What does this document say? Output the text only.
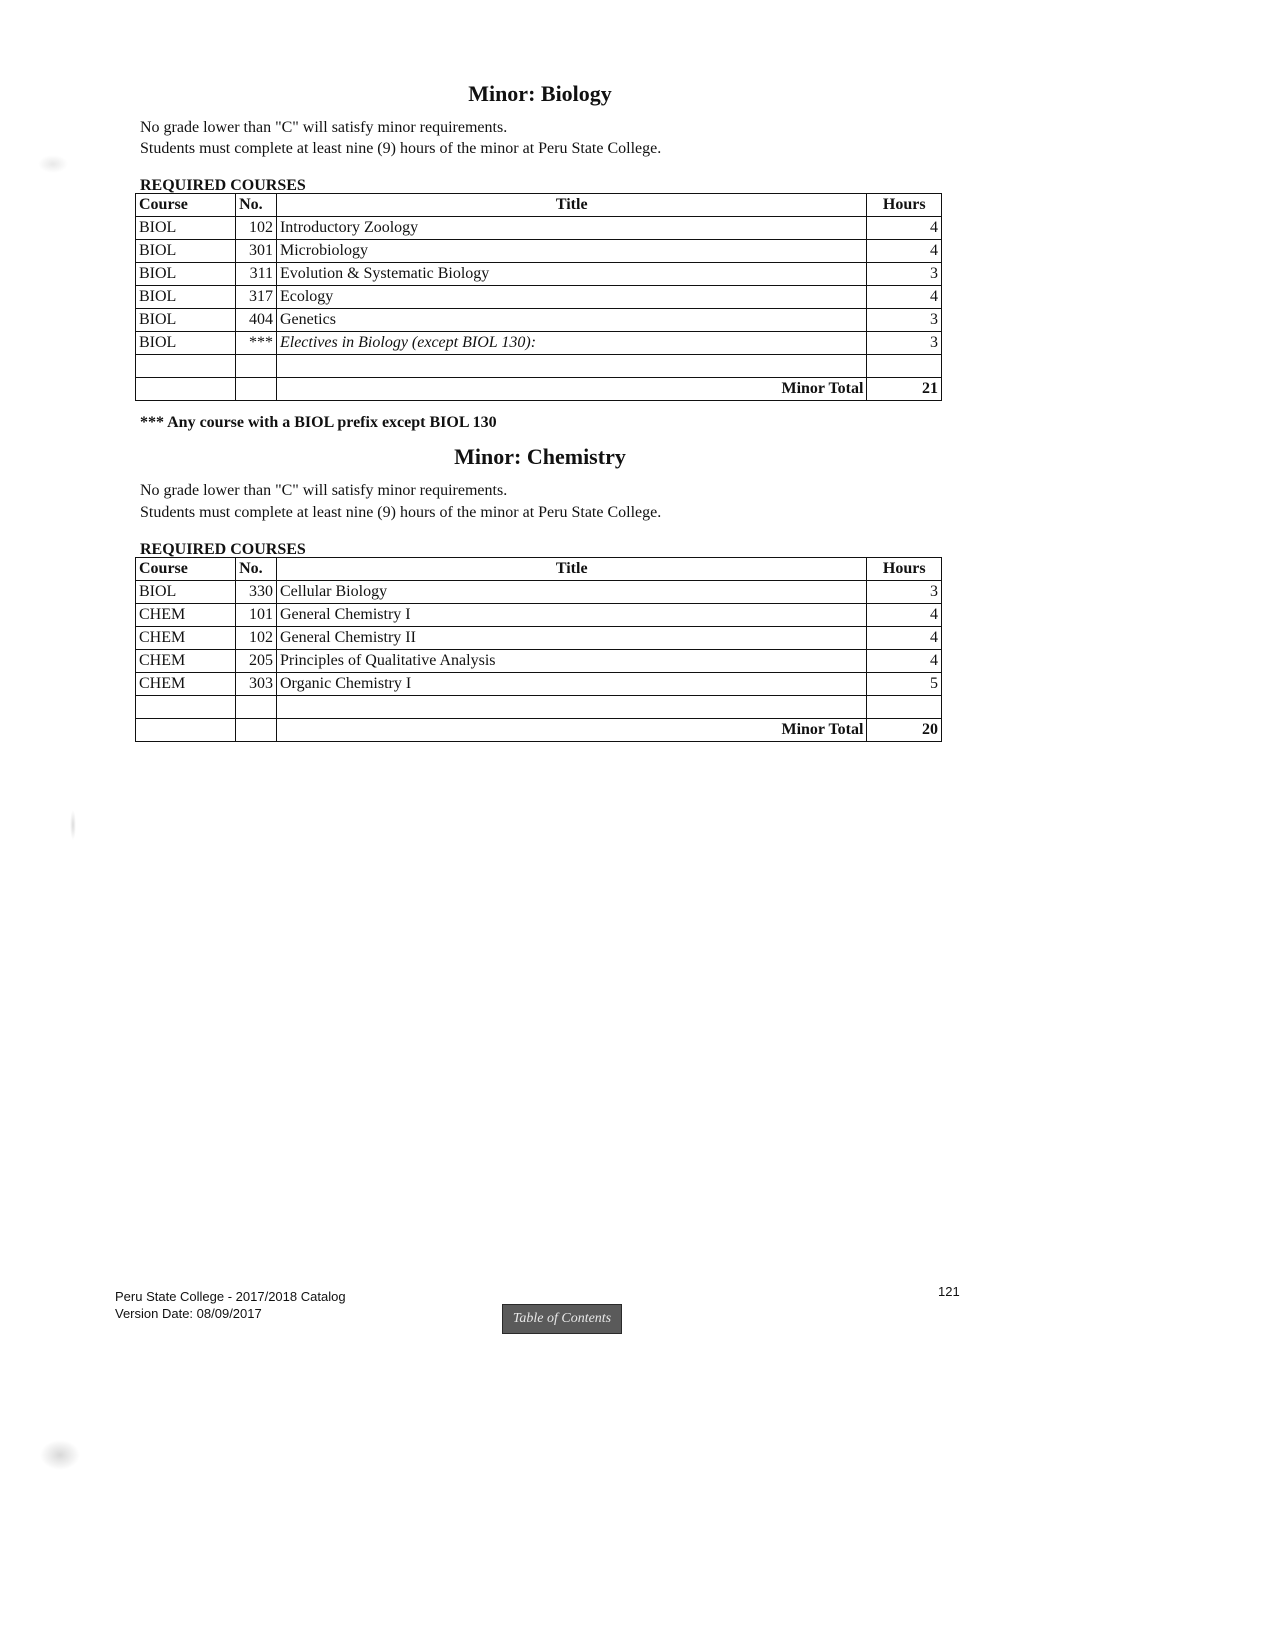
Minor: Biology
No grade lower than "C" will satisfy minor requirements.
Students must complete at least nine (9) hours of the minor at Peru State College.
REQUIRED COURSES
Course	No.	Title	Hours
BIOL	102	Introductory Zoology	4
BIOL	301	Microbiology	4
BIOL	311	Evolution & Systematic Biology	3
BIOL	317	Ecology	4
BIOL	404	Genetics	3
BIOL	***	Electives in Biology (except BIOL 130):	3

		Minor Total	21
*** Any course with a BIOL prefix except BIOL 130
Minor: Chemistry
No grade lower than "C" will satisfy minor requirements.
Students must complete at least nine (9) hours of the minor at Peru State College.
REQUIRED COURSES
Course	No.	Title	Hours
BIOL	330	Cellular Biology	3
CHEM	101	General Chemistry I	4
CHEM	102	General Chemistry II	4
CHEM	205	Principles of Qualitative Analysis	4
CHEM	303	Organic Chemistry I	5

		Minor Total	20
Peru State College - 2017/2018 Catalog
Version Date: 08/09/2017	Table of Contents
121
